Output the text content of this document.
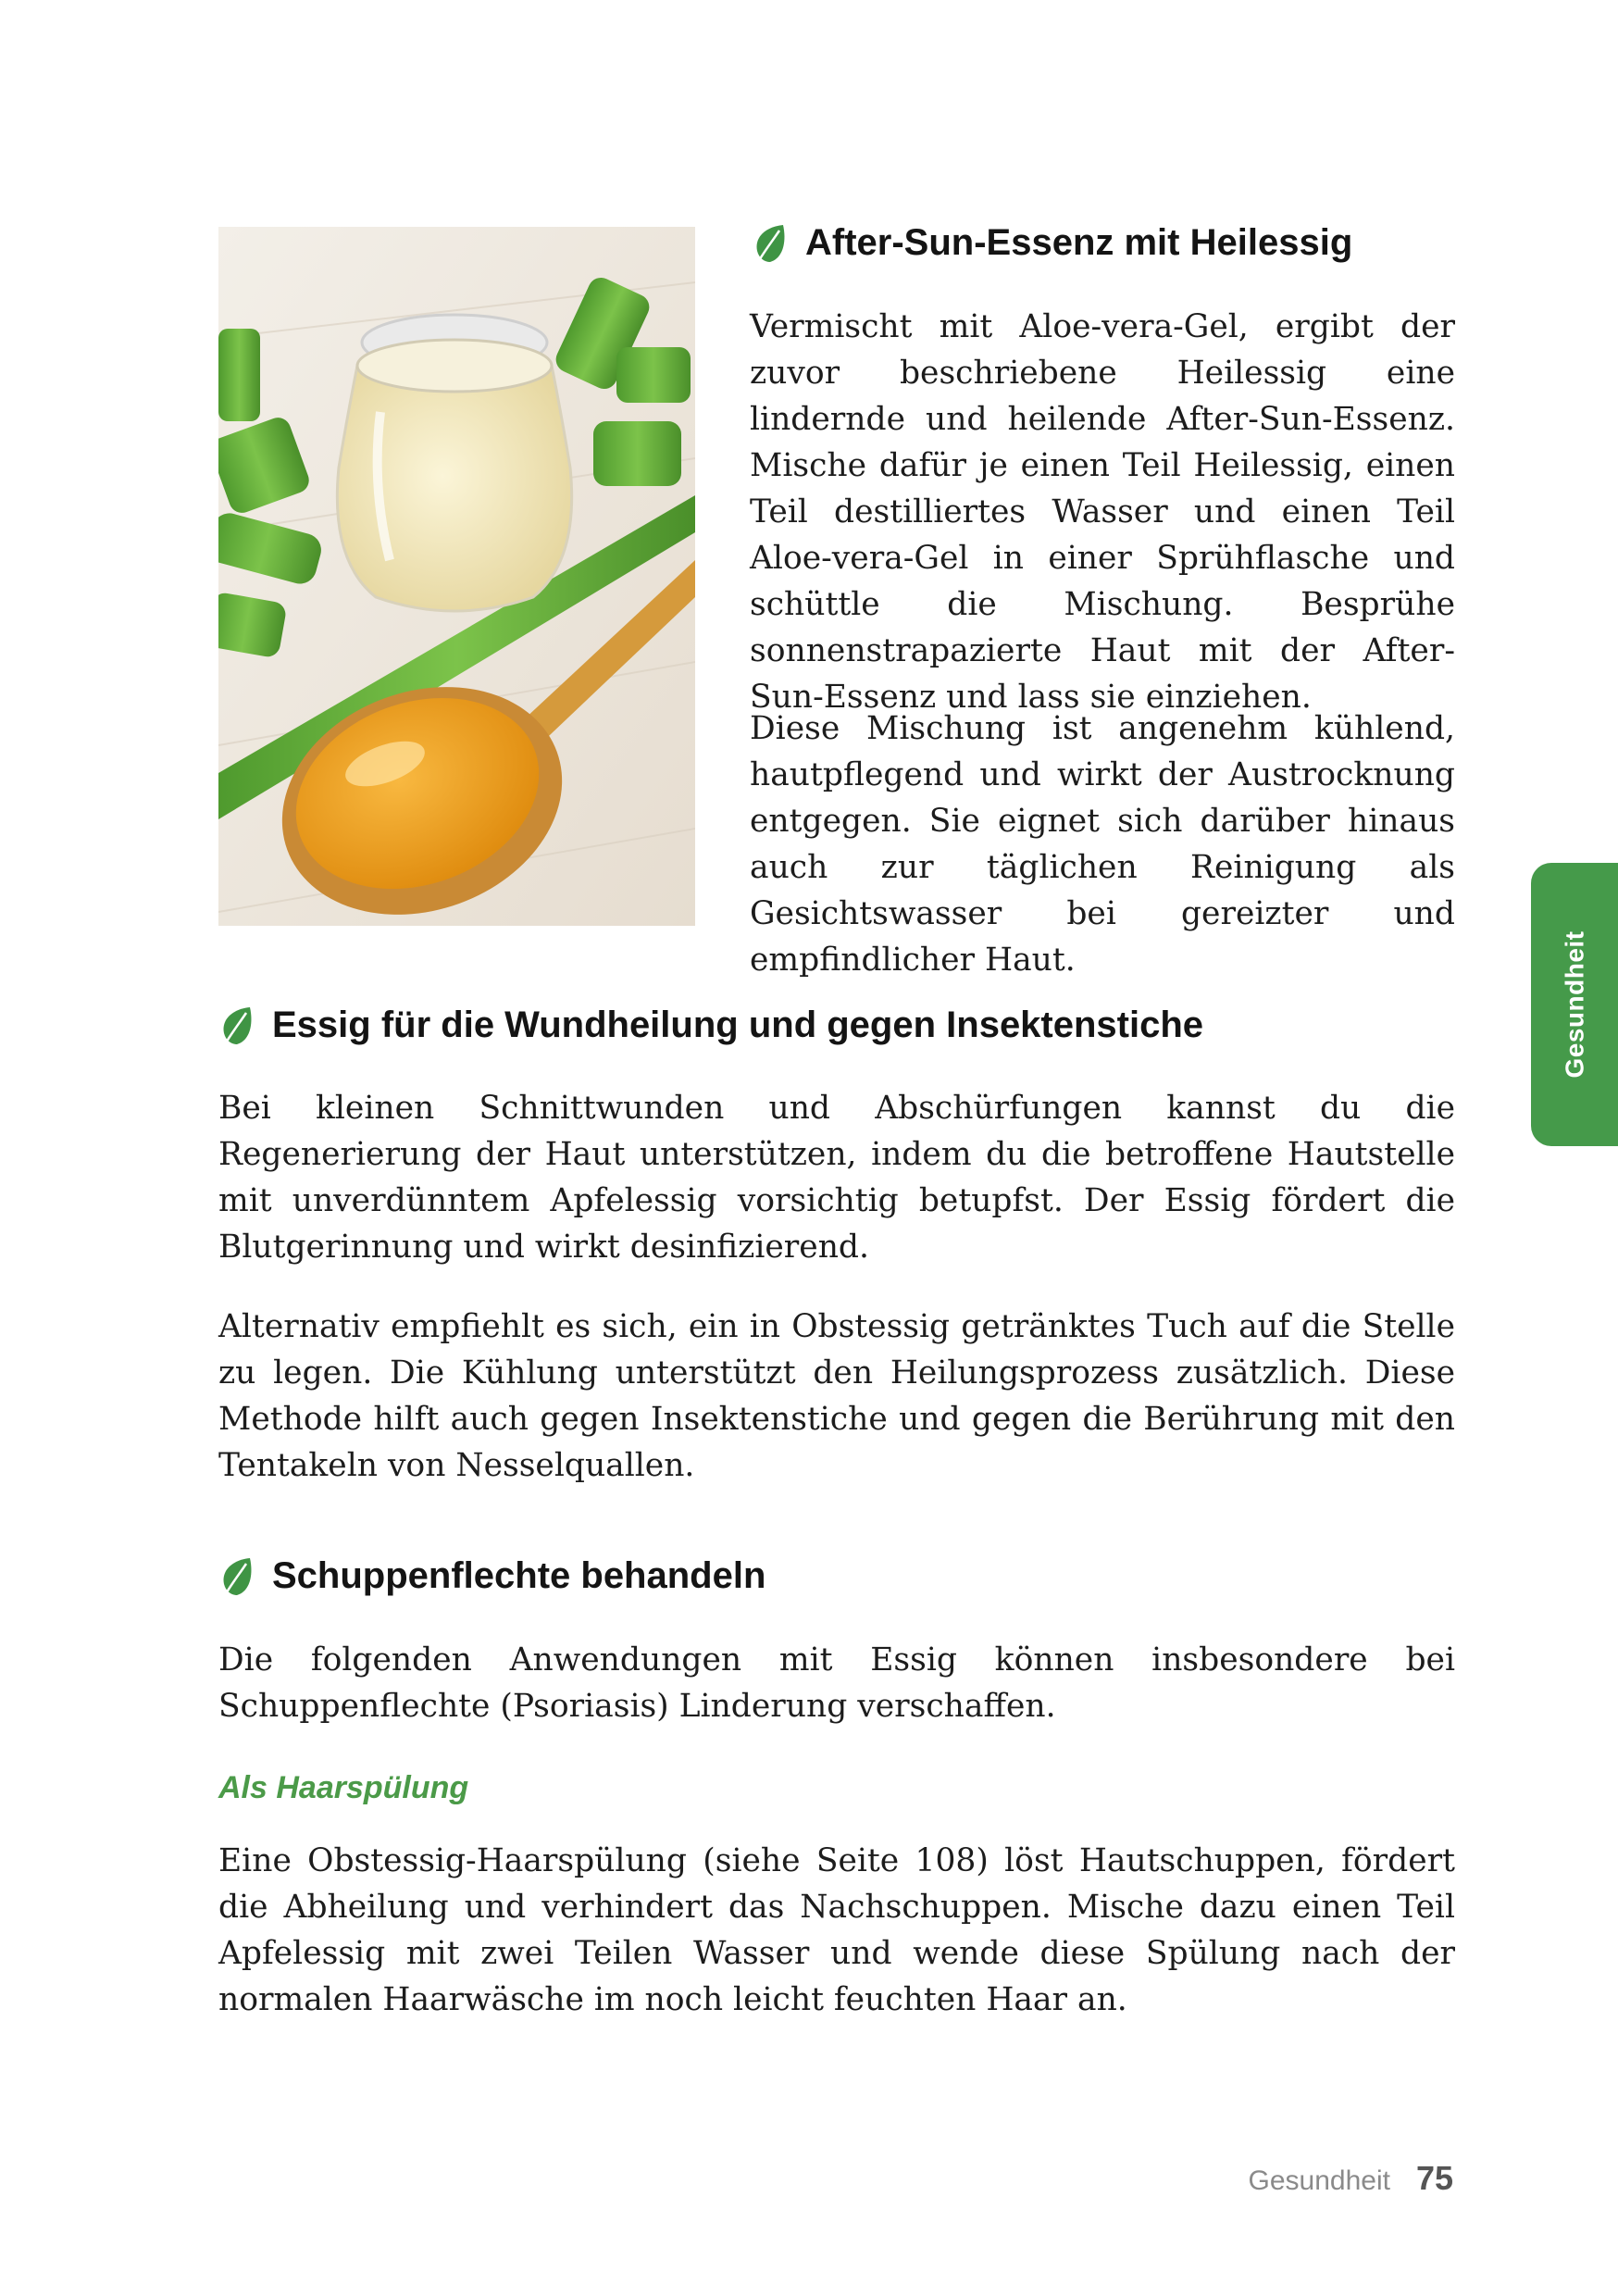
After-Sun-Essenz mit Heilessig

Vermischt mit Aloe-vera-Gel, ergibt der zuvor beschriebene Heilessig eine lindernde und heilende After-Sun-Essenz. Mische dafür je einen Teil Heilessig, einen Teil destilliertes Wasser und einen Teil Aloe-vera-Gel in einer Sprühflasche und schüttle die Mischung. Besprühe sonnenstrapazierte Haut mit der After-Sun-Essenz und lass sie einziehen.

Diese Mischung ist angenehm kühlend, hautpflegend und wirkt der Austrocknung entgegen. Sie eignet sich darüber hinaus auch zur täglichen Reinigung als Gesichtswasser bei gereizter und empfindlicher Haut.

Essig für die Wundheilung und gegen Insektenstiche

Bei kleinen Schnittwunden und Abschürfungen kannst du die Regenerierung der Haut unterstützen, indem du die betroffene Hautstelle mit unverdünntem Apfelessig vorsichtig betupfst. Der Essig fördert die Blutgerinnung und wirkt desinfizierend.

Alternativ empfiehlt es sich, ein in Obstessig getränktes Tuch auf die Stelle zu legen. Die Kühlung unterstützt den Heilungsprozess zusätzlich. Diese Methode hilft auch gegen Insektenstiche und gegen die Berührung mit den Tentakeln von Nesselquallen.

Schuppenflechte behandeln

Die folgenden Anwendungen mit Essig können insbesondere bei Schuppenflechte (Psoriasis) Linderung verschaffen.

Als Haarspülung

Eine Obstessig-Haarspülung (siehe Seite 108) löst Hautschuppen, fördert die Abheilung und verhindert das Nachschuppen. Mische dazu einen Teil Apfelessig mit zwei Teilen Wasser und wende diese Spülung nach der normalen Haarwäsche im noch leicht feuchten Haar an.

Gesundheit
Gesundheit 75
